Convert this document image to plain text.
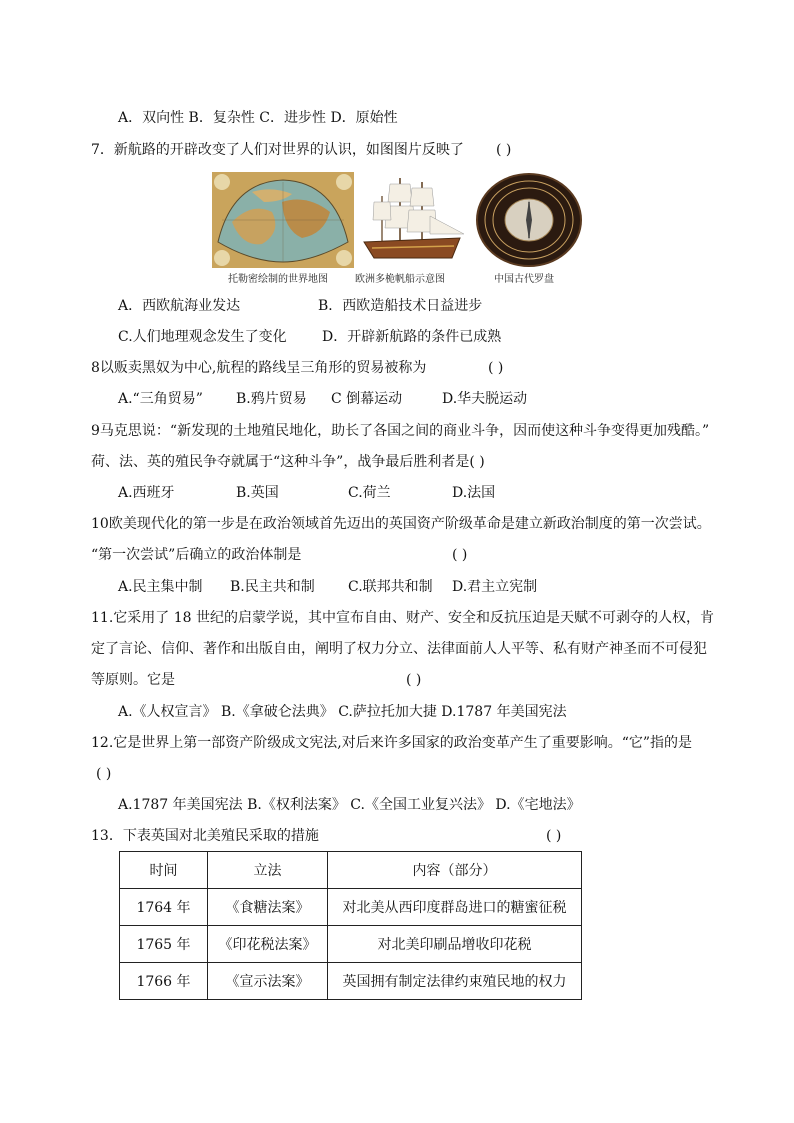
A．双向性 B．复杂性 C．进步性 D．原始性
7．新航路的开辟改变了人们对世界的认识，如图图片反映了 ( )
托勒密绘制的世界地图	欧洲多桅帆船示意图	中国古代罗盘
A．西欧航海业发达	B．西欧造船技术日益进步
C.人们地理观念发生了变化	D．开辟新航路的条件已成熟
8以贩卖黑奴为中心,航程的路线呈三角形的贸易被称为	( )
A.“三角贸易” B.鸦片贸易 C 倒幕运动	D.华夫脱运动
9马克思说：“新发现的土地殖民地化，助长了各国之间的商业斗争，因而使这种斗争变得更加残酷。”
荷、法、英的殖民争夺就属于“这种斗争”，战争最后胜利者是( )
A.西班牙	B.英国	C.荷兰	D.法国
10欧美现代化的第一步是在政治领域首先迈出的英国资产阶级革命是建立新政治制度的第一次尝试。
“第一次尝试”后确立的政治体制是	( )
A.民主集中制 B.民主共和制 C.联邦共和制 D.君主立宪制
11.它采用了 18 世纪的启蒙学说，其中宣布自由、财产、安全和反抗压迫是天赋不可剥夺的人权，肯
定了言论、信仰、著作和出版自由，阐明了权力分立、法律面前人人平等、私有财产神圣而不可侵犯
等原则。它是	( )
A.《人权宣言》 B.《拿破仑法典》 C.萨拉托加大捷 D.1787 年美国宪法
12.它是世界上第一部资产阶级成文宪法,对后来许多国家的政治变革产生了重要影响。“它”指的是
( )
A.1787 年美国宪法 B.《权利法案》 C.《全国工业复兴法》 D.《宅地法》
13．下表英国对北美殖民采取的措施	( )
时间	立法	内容（部分）
1764 年	《食糖法案》	对北美从西印度群岛进口的糖蜜征税
1765 年	《印花税法案》	对北美印刷品增收印花税
1766 年	《宣示法案》	英国拥有制定法律约束殖民地的权力
